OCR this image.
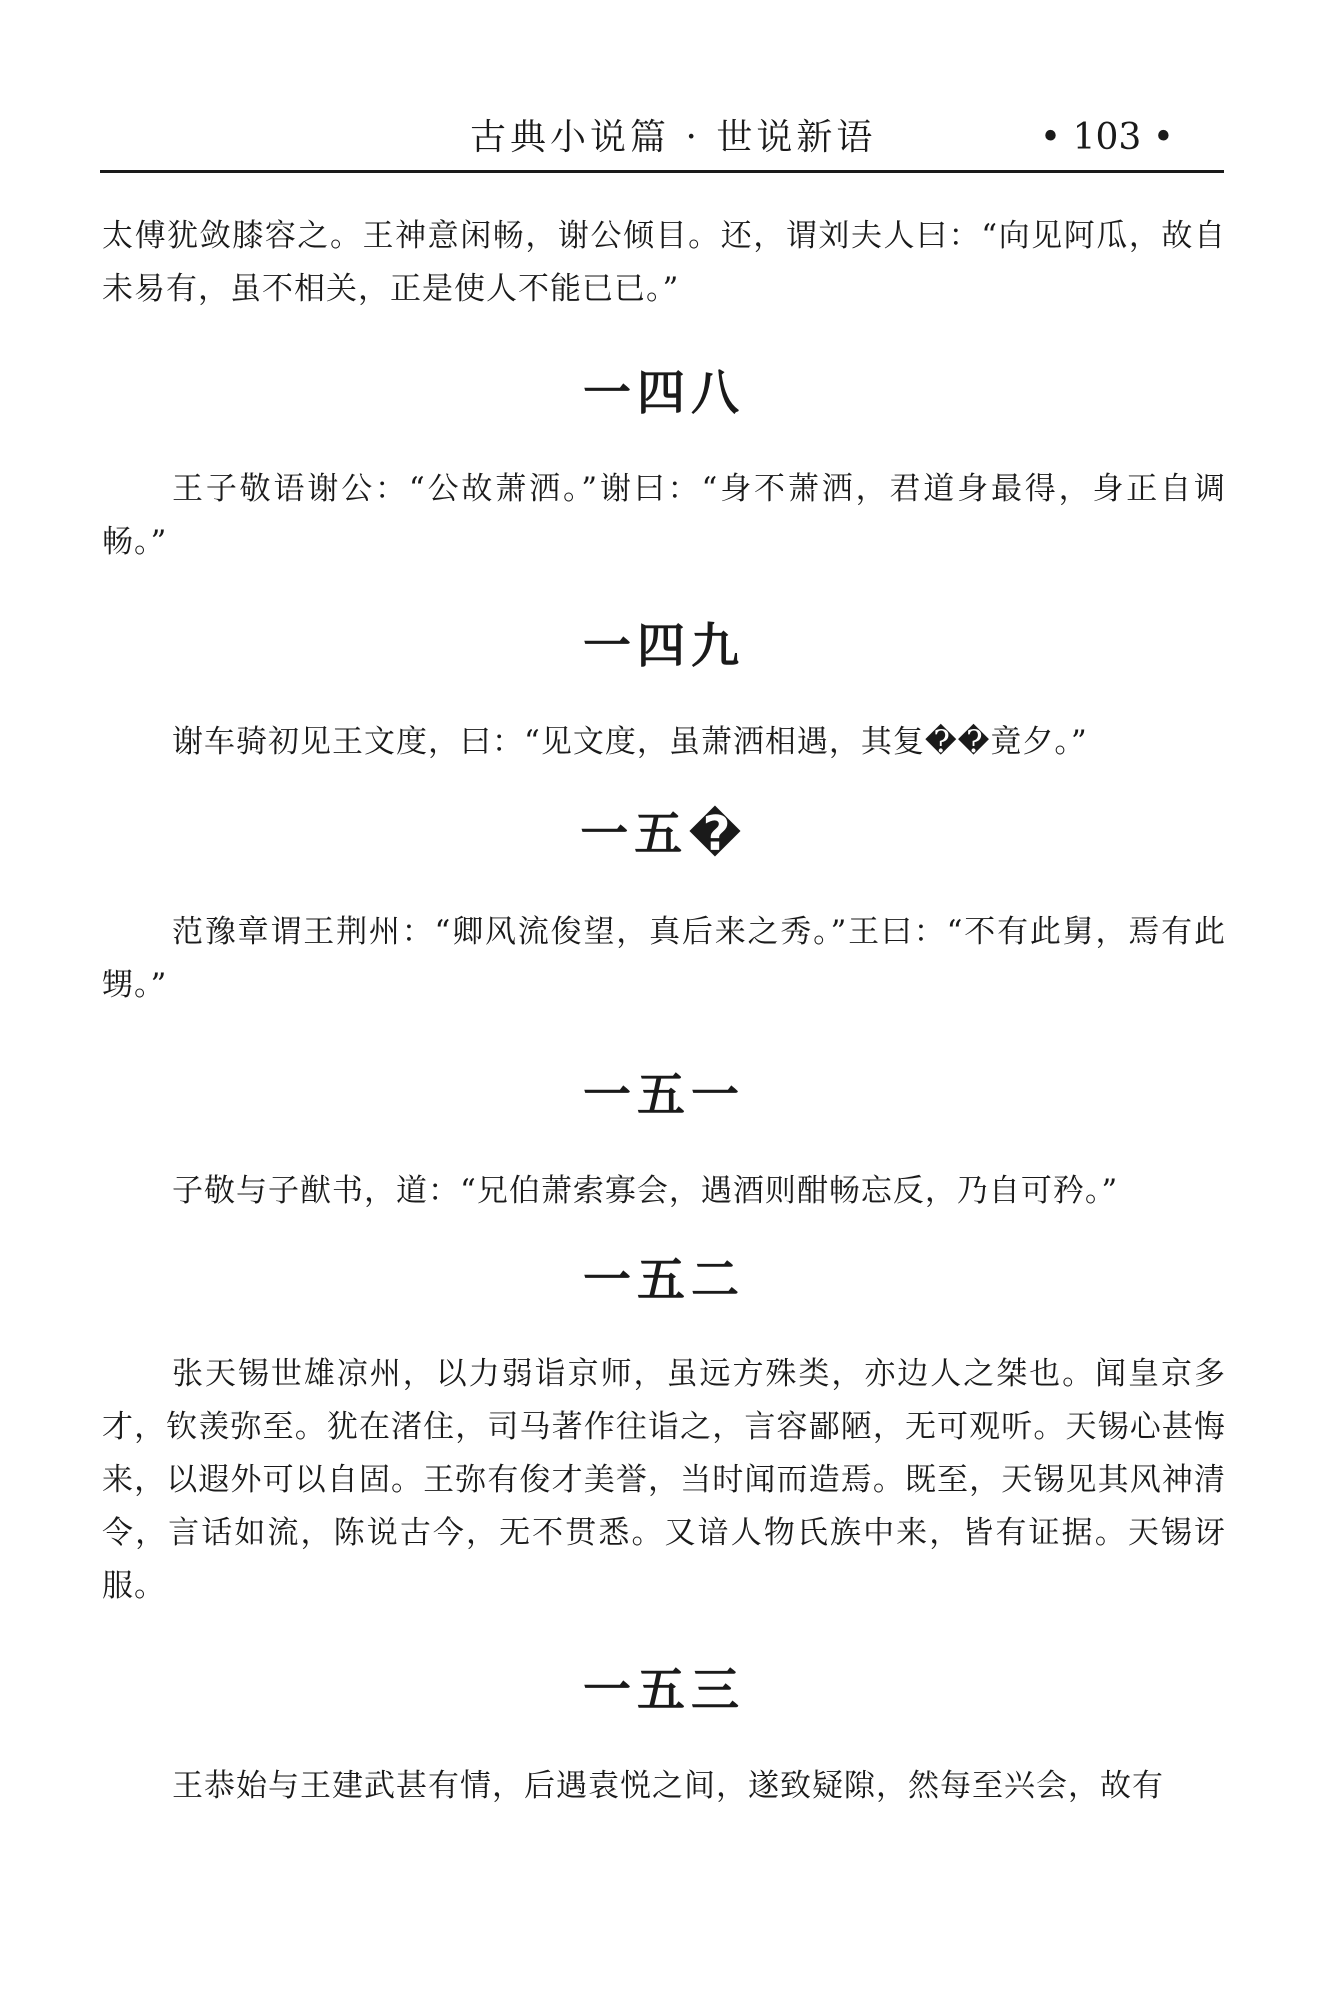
古典小说篇 · 世说新语	• 103 •

太傅犹敛膝容之。王神意闲畅，谢公倾目。还，谓刘夫人曰：“向见阿瓜，故自未易有，虽不相关，正是使人不能已已。”

一四八

王子敬语谢公：“公故萧洒。”谢曰：“身不萧洒，君道身最得，身正自调畅。”

一四九

谢车骑初见王文度，曰：“见文度，虽萧洒相遇，其复��竟夕。”

一五�

范豫章谓王荆州：“卿风流俊望，真后来之秀。”王曰：“不有此舅，焉有此甥。”

一五一

子敬与子猷书，道：“兄伯萧索寡会，遇酒则酣畅忘反，乃自可矜。”

一五二

张天锡世雄凉州，以力弱诣京师，虽远方殊类，亦边人之桀也。闻皇京多才，钦羡弥至。犹在渚住，司马著作往诣之，言容鄙陋，无可观听。天锡心甚悔来，以遐外可以自固。王弥有俊才美誉，当时闻而造焉。既至，天锡见其风神清令，言话如流，陈说古今，无不贯悉。又谙人物氏族中来，皆有证据。天锡讶服。

一五三

王恭始与王建武甚有情，后遇袁悦之间，遂致疑隙，然每至兴会，故有
